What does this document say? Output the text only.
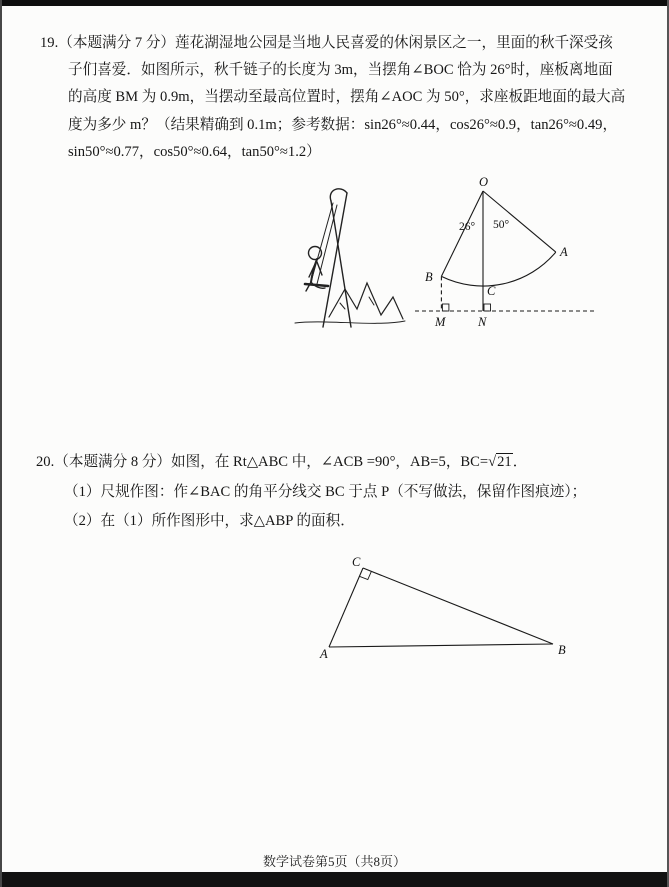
19.（本题满分 7 分）莲花湖湿地公园是当地人民喜爱的休闲景区之一，里面的秋千深受孩
子们喜爱．如图所示，秋千链子的长度为 3m，当摆角∠BOC 恰为 26°时，座板离地面
的高度 BM 为 0.9m，当摆动至最高位置时，摆角∠AOC 为 50°，求座板距地面的最大高
度为多少 m？（结果精确到 0.1m；参考数据：sin26°≈0.44，cos26°≈0.9，tan26°≈0.49，
sin50°≈0.77，cos50°≈0.64，tan50°≈1.2）
O
26° 50°
B
A
C
M	N
20.（本题满分 8 分）如图，在 Rt△ABC 中，∠ACB =90°，AB=5，BC=√21．
（1）尺规作图：作∠BAC 的角平分线交 BC 于点 P（不写做法，保留作图痕迹）；
（2）在（1）所作图形中，求△ABP 的面积．
C
A	B
数学试卷第5页（共8页）
